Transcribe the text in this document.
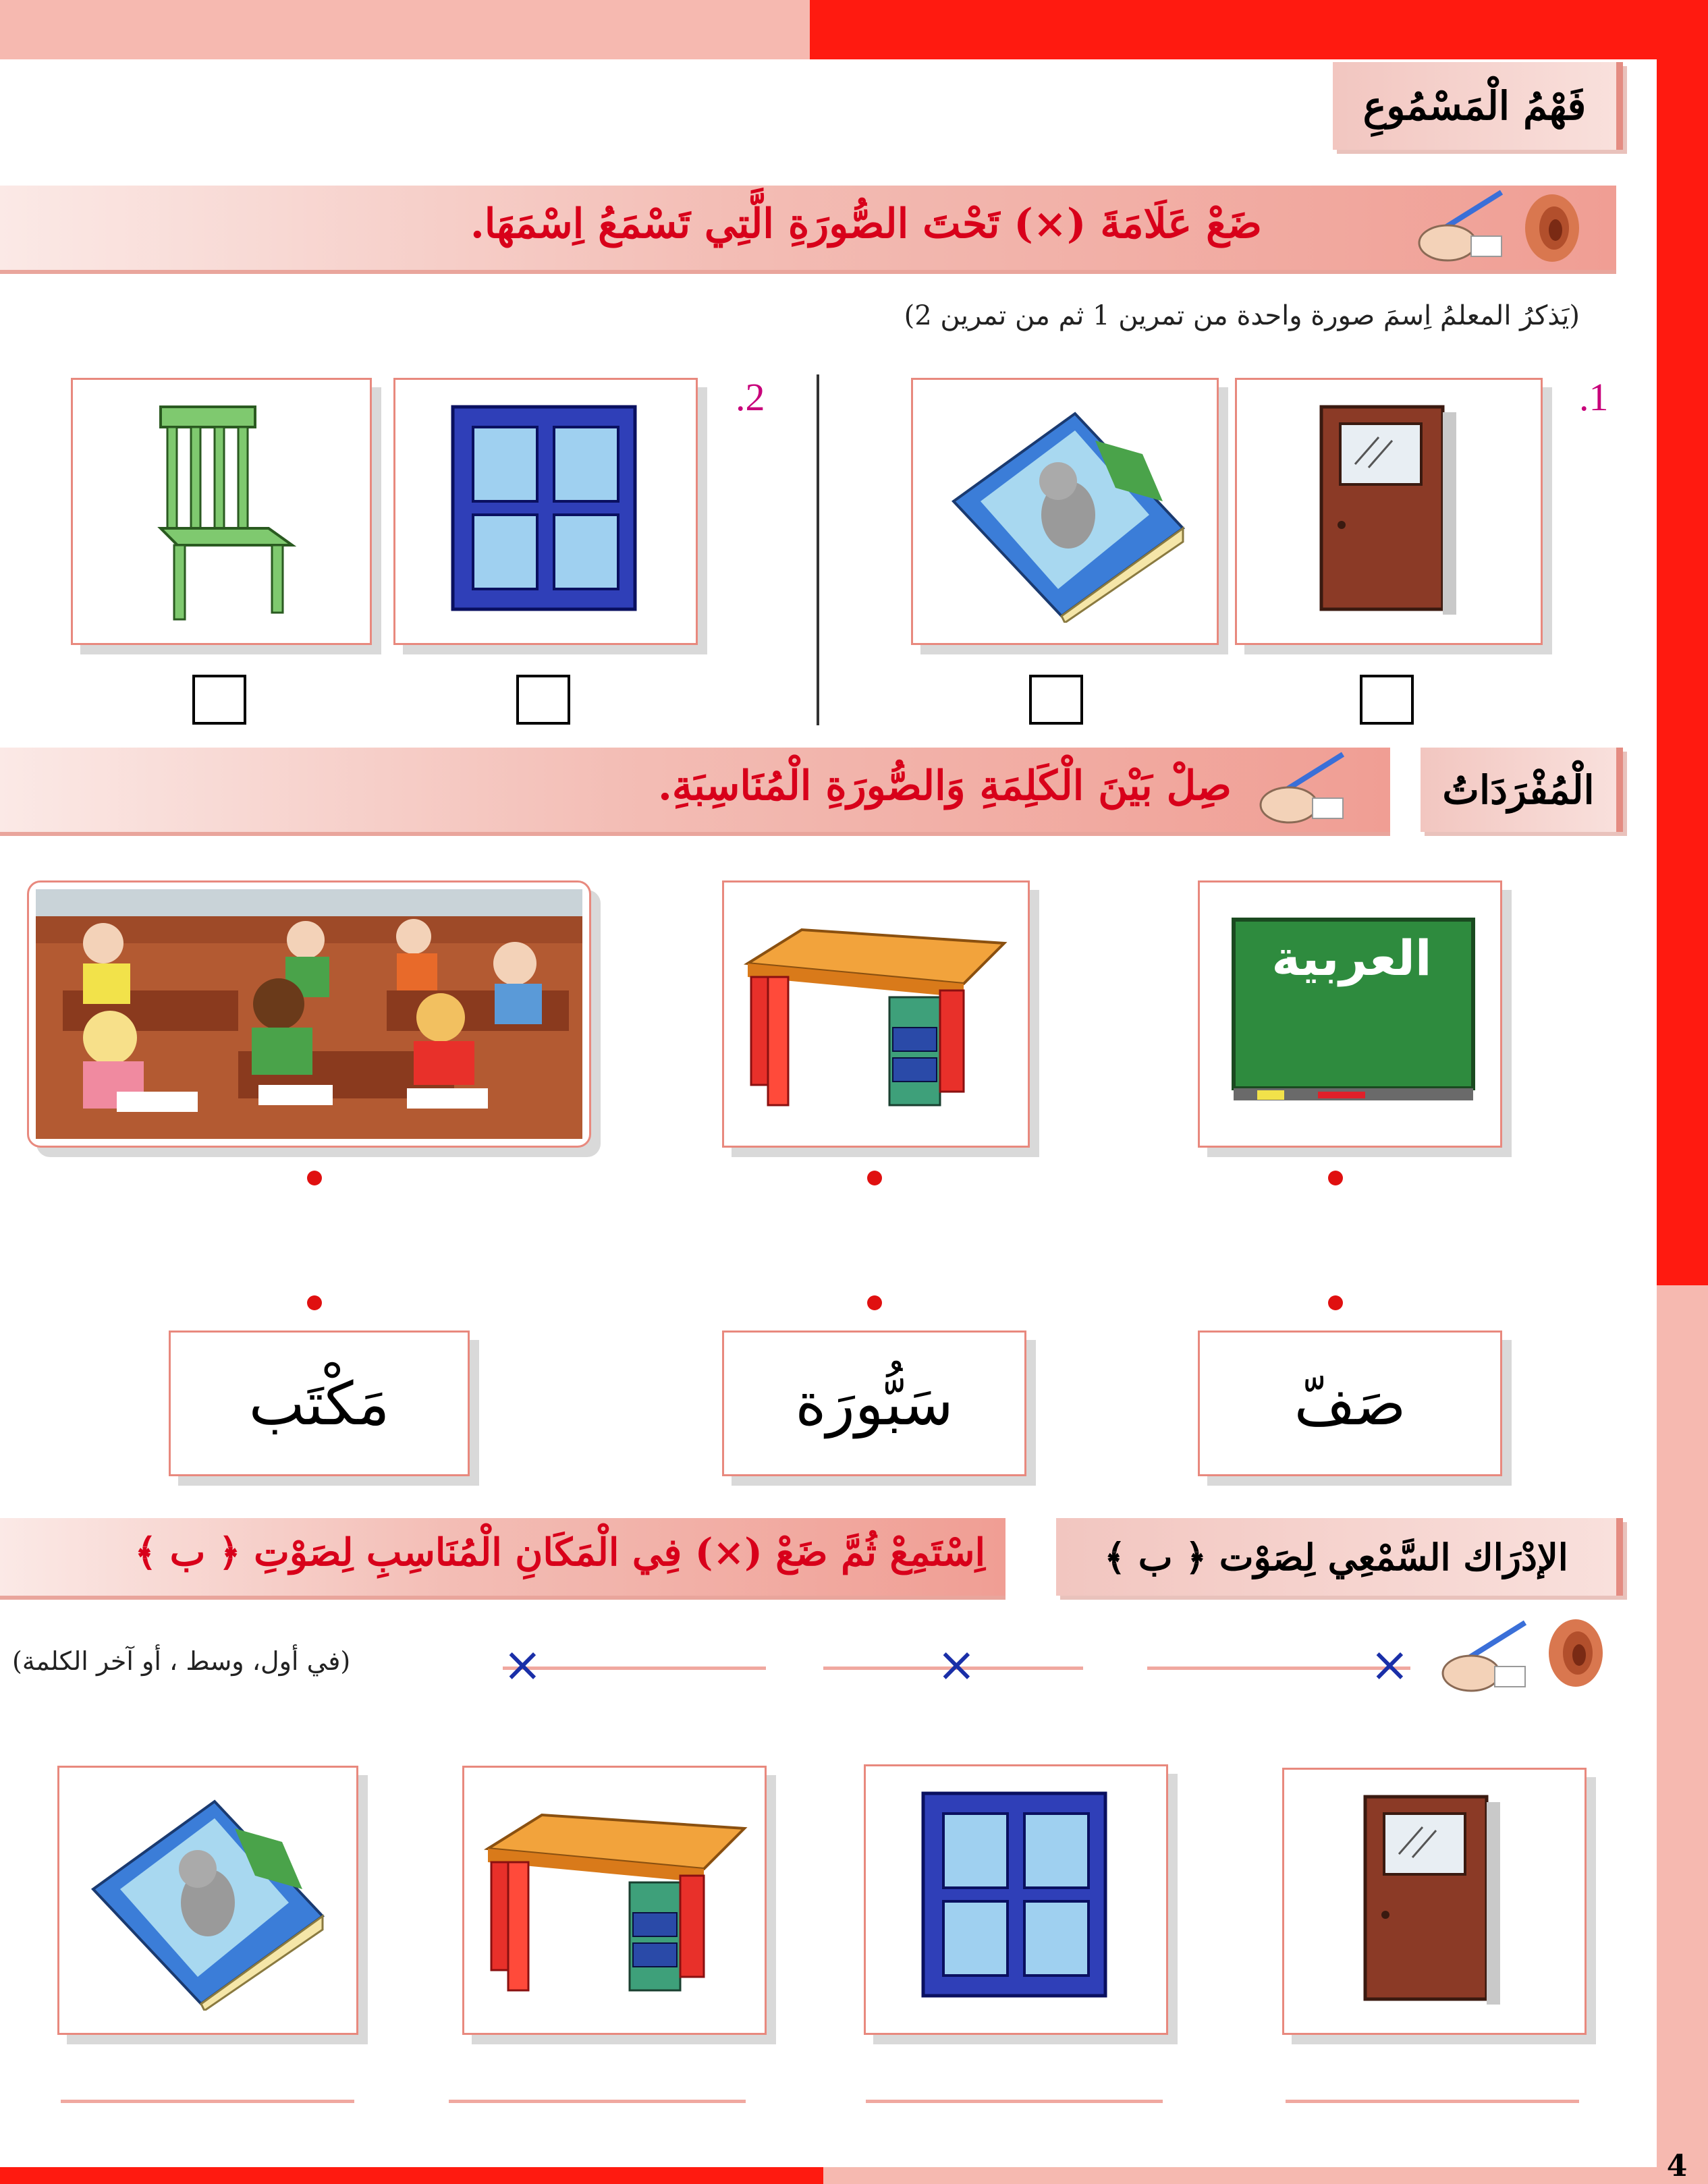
4
فَهْمُ الْمَسْمُوعِ
ضَعْ عَلَامَةَ (×) تَحْتَ الصُّورَةِ الَّتِي تَسْمَعُ اِسْمَهَا.
(يَذكرُ المعلمُ اِسمَ صورة واحدة من تمرين 1 ثم من تمرين 2)
.1
.2
الْمُفْرَدَاتُ
صِلْ بَيْنَ الْكَلِمَةِ وَالصُّورَةِ الْمُنَاسِبَةِ.
العربية
صَفّ
سَبُّورَة
مَكْتَب
الإدْرَاك السَّمْعِي لِصَوْت ﴿ ب ﴾
اِسْتَمِعْ ثُمَّ ضَعْ (×) فِي الْمَكَانِ الْمُنَاسِبِ لِصَوْتِ ﴿ ب ﴾
×
×
×
(في أول، وسط ، أو آخر الكلمة)
